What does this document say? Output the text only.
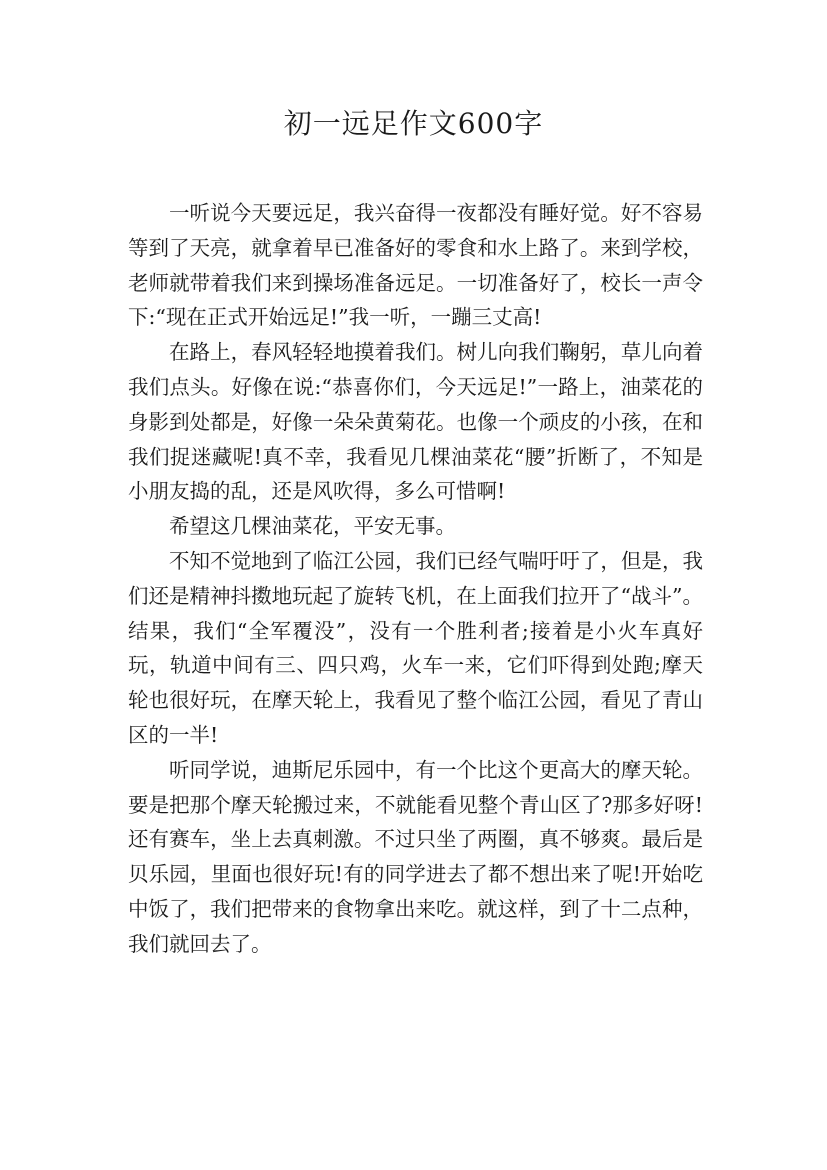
初一远足作文600字

一听说今天要远足，我兴奋得一夜都没有睡好觉。好不容易等到了天亮，就拿着早已准备好的零食和水上路了。来到学校，老师就带着我们来到操场准备远足。一切准备好了，校长一声令下:“现在正式开始远足!”我一听，一蹦三丈高!

在路上，春风轻轻地摸着我们。树儿向我们鞠躬，草儿向着我们点头。好像在说:“恭喜你们，今天远足!”一路上，油菜花的身影到处都是，好像一朵朵黄菊花。也像一个顽皮的小孩，在和我们捉迷藏呢!真不幸，我看见几棵油菜花“腰”折断了，不知是小朋友捣的乱，还是风吹得，多么可惜啊!

希望这几棵油菜花，平安无事。

不知不觉地到了临江公园，我们已经气喘吁吁了，但是，我们还是精神抖擞地玩起了旋转飞机，在上面我们拉开了“战斗”。结果，我们“全军覆没”，没有一个胜利者;接着是小火车真好玩，轨道中间有三、四只鸡，火车一来，它们吓得到处跑;摩天轮也很好玩，在摩天轮上，我看见了整个临江公园，看见了青山区的一半!

听同学说，迪斯尼乐园中，有一个比这个更高大的摩天轮。要是把那个摩天轮搬过来，不就能看见整个青山区了?那多好呀!还有赛车，坐上去真刺激。不过只坐了两圈，真不够爽。最后是贝乐园，里面也很好玩!有的同学进去了都不想出来了呢!开始吃中饭了，我们把带来的食物拿出来吃。就这样，到了十二点种，我们就回去了。
